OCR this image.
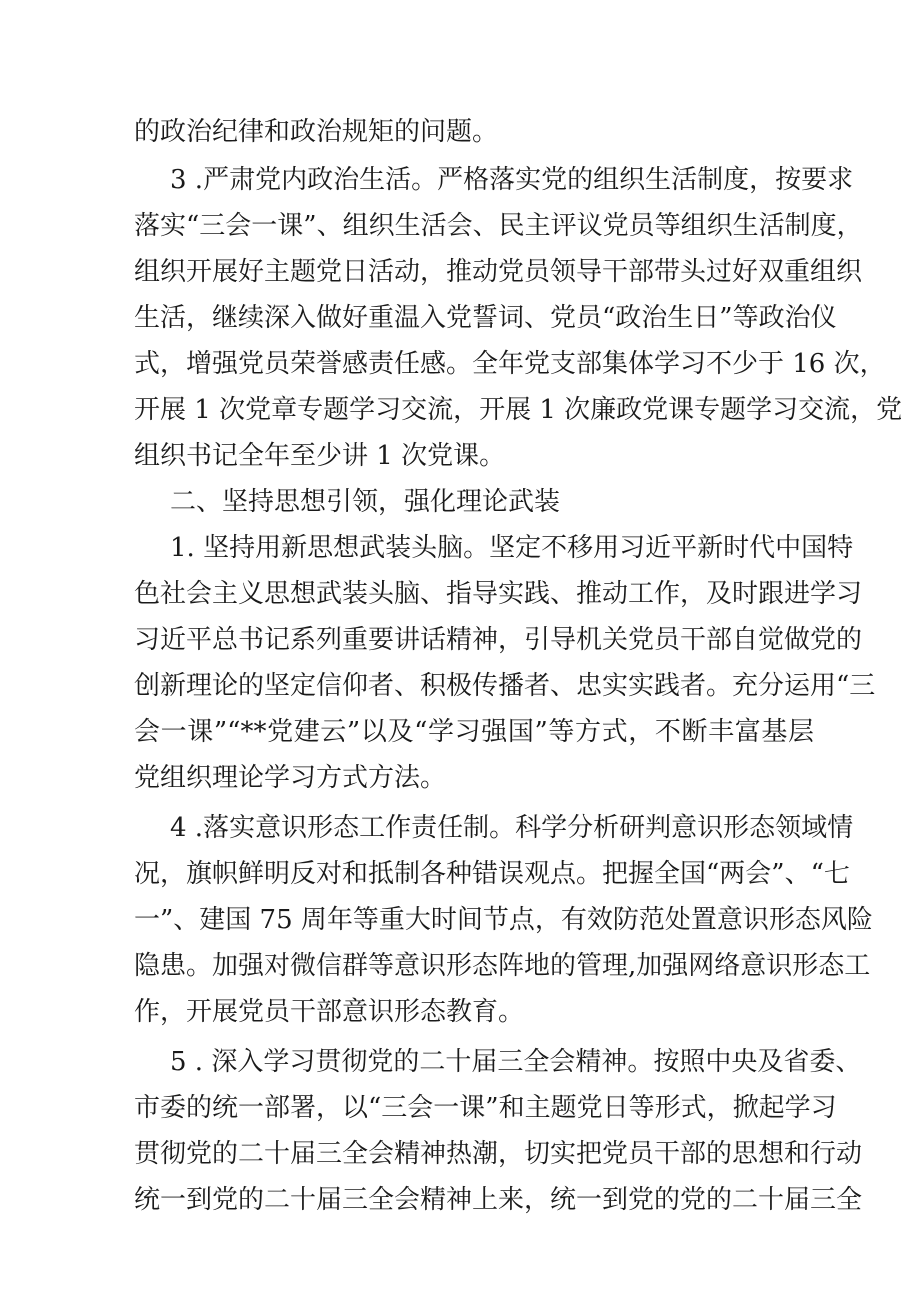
的政治纪律和政治规矩的问题。
3 .严肃党内政治生活。严格落实党的组织生活制度，按要求
落实“三会一课”、组织生活会、民主评议党员等组织生活制度，
组织开展好主题党日活动，推动党员领导干部带头过好双重组织
生活，继续深入做好重温入党誓词、党员“政治生日”等政治仪
式，增强党员荣誉感责任感。全年党支部集体学习不少于 16 次，
开展 1 次党章专题学习交流，开展 1 次廉政党课专题学习交流，党
组织书记全年至少讲 1 次党课。
二、坚持思想引领，强化理论武装
1. 坚持用新思想武装头脑。坚定不移用习近平新时代中国特
色社会主义思想武装头脑、指导实践、推动工作，及时跟进学习
习近平总书记系列重要讲话精神，引导机关党员干部自觉做党的
创新理论的坚定信仰者、积极传播者、忠实实践者。充分运用“三
会一课”“**党建云”以及“学习强国”等方式，不断丰富基层
党组织理论学习方式方法。
4 .落实意识形态工作责任制。科学分析研判意识形态领域情
况，旗帜鲜明反对和抵制各种错误观点。把握全国“两会”、“七
一”、建国 75 周年等重大时间节点，有效防范处置意识形态风险
隐患。加强对微信群等意识形态阵地的管理,加强网络意识形态工
作，开展党员干部意识形态教育。
5 . 深入学习贯彻党的二十届三全会精神。按照中央及省委、
市委的统一部署，以“三会一课”和主题党日等形式，掀起学习
贯彻党的二十届三全会精神热潮，切实把党员干部的思想和行动
统一到党的二十届三全会精神上来，统一到党的党的二十届三全
